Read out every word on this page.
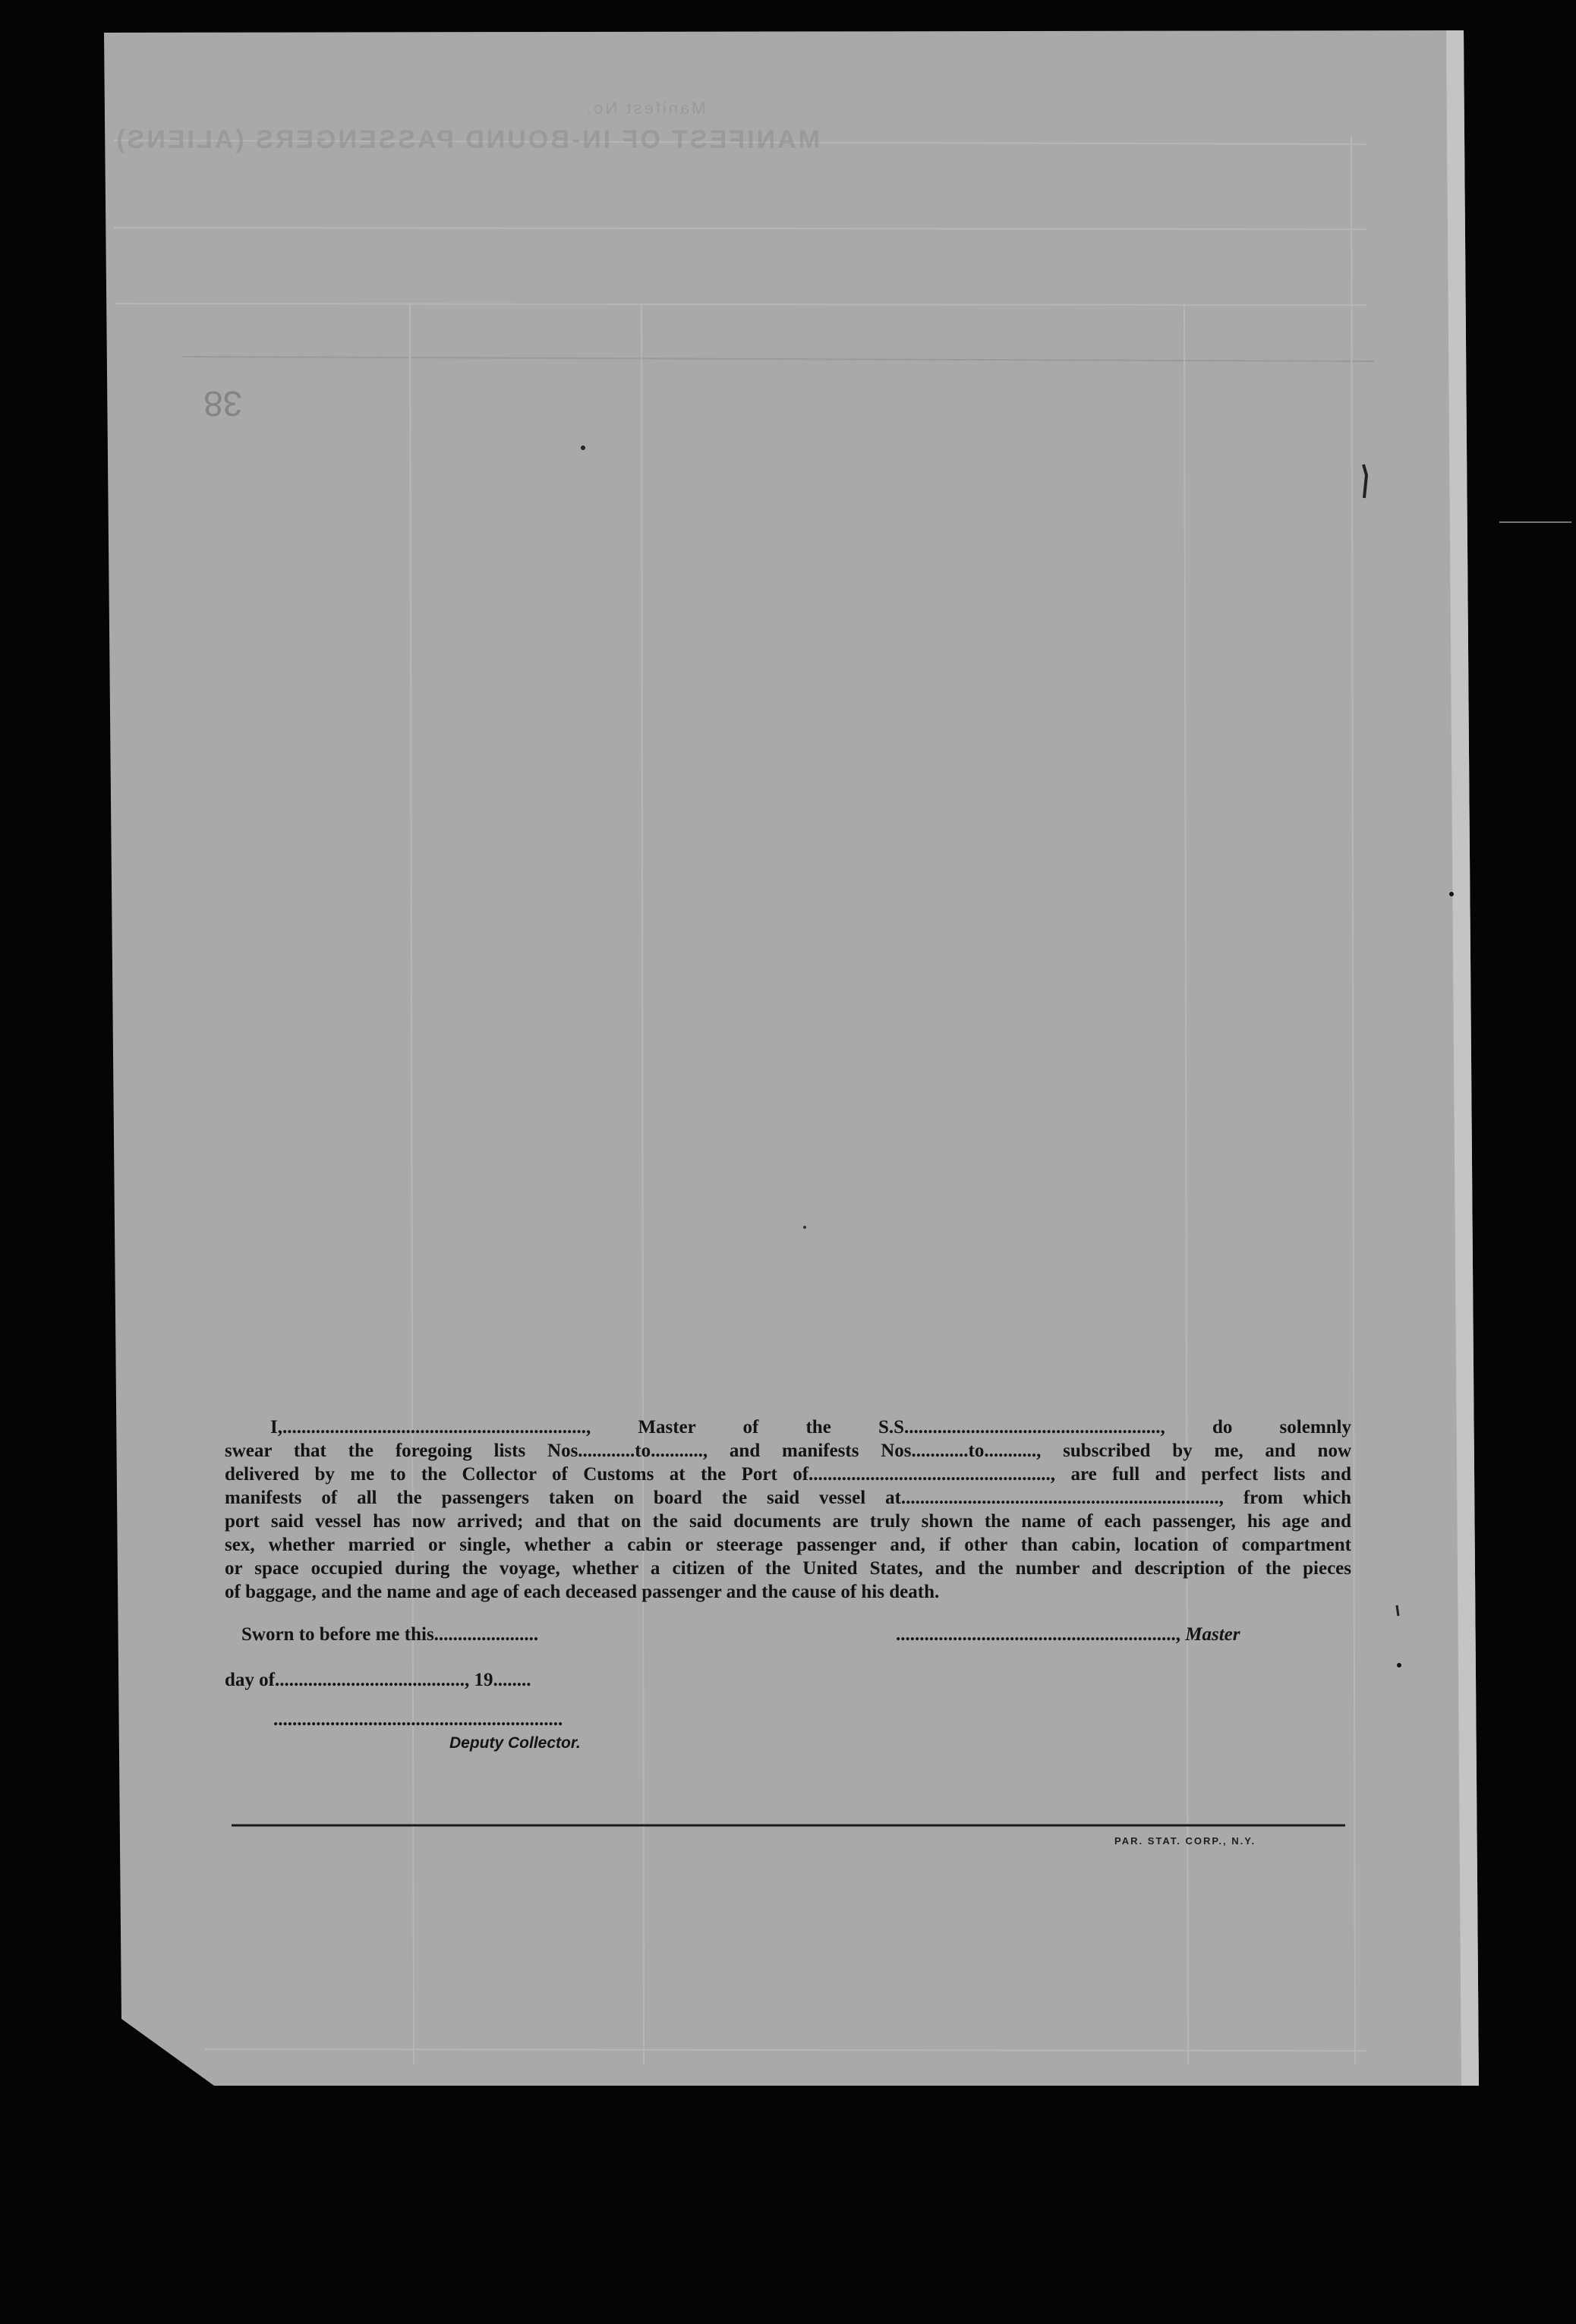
MANIFEST OF IN-BOUND PASSENGERS (ALIENS)
Manifest No.
38
I,................................................................, Master of the S.S......................................................, do solemnly
swear that the foregoing lists Nos............to..........., and manifests Nos............to..........., subscribed by me, and now
delivered by me to the Collector of Customs at the Port of..................................................., are full and perfect lists and
manifests of all the passengers taken on board the said vessel at..................................................................., from which
port said vessel has now arrived; and that on the said documents are truly shown the name of each passenger, his age and
sex, whether married or single, whether a cabin or steerage passenger and, if other than cabin, location of compartment
or space occupied during the voyage, whether a citizen of the United States, and the number and description of the pieces
of baggage, and the name and age of each deceased passenger and the cause of his death.
Sworn to before me this......................	..........................................................., Master
day of........................................, 19........
.............................................................
Deputy Collector.
PAR. STAT. CORP., N.Y.
